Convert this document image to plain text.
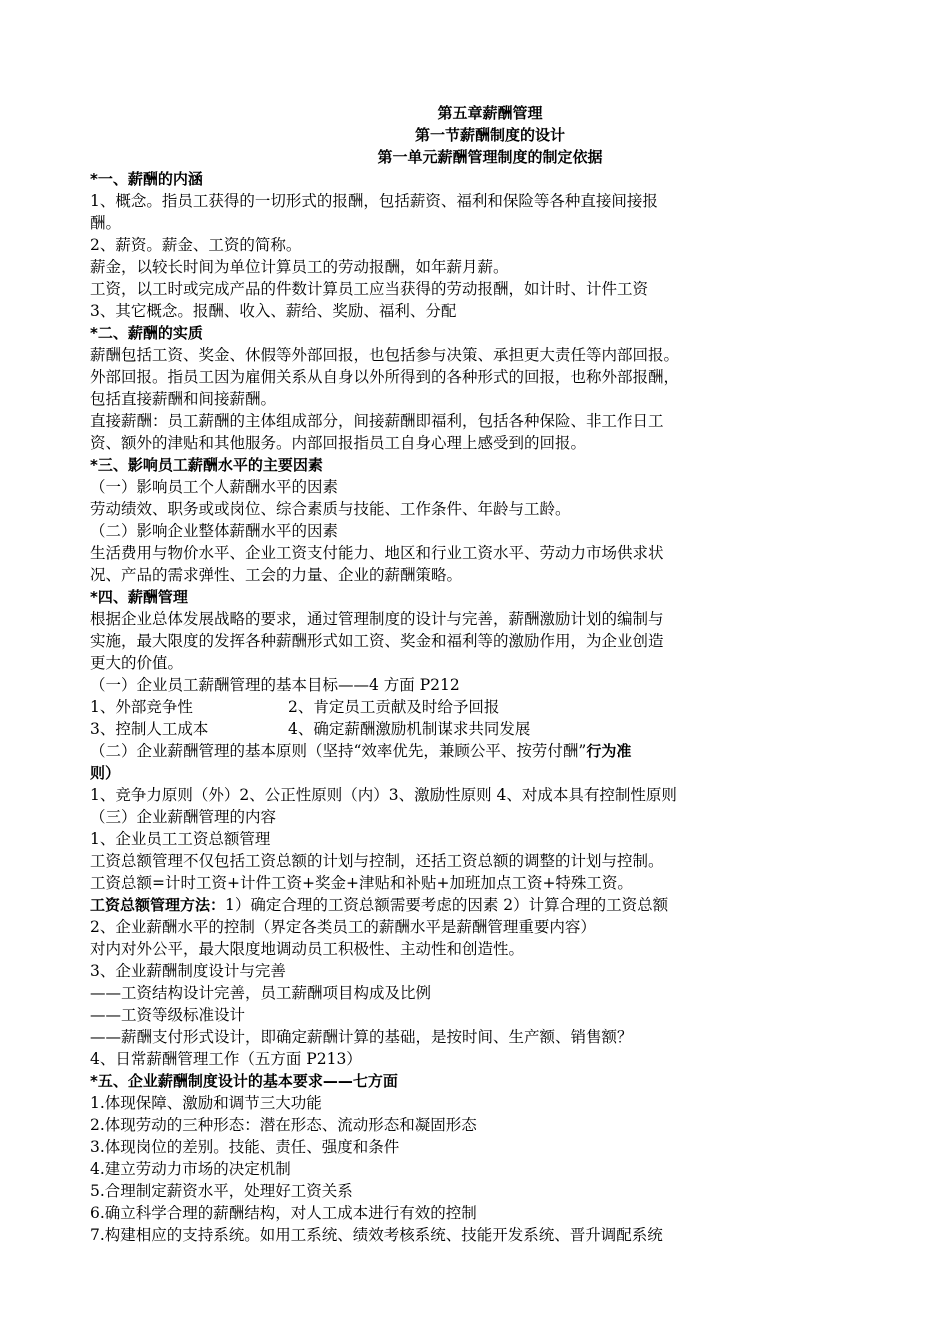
第五章薪酬管理
第一节薪酬制度的设计
第一单元薪酬管理制度的制定依据
*一、薪酬的内涵
1、概念。指员工获得的一切形式的报酬，包括薪资、福利和保险等各种直接间接报
酬。
2、薪资。薪金、工资的简称。
薪金，以较长时间为单位计算员工的劳动报酬，如年薪月薪。
工资，以工时或完成产品的件数计算员工应当获得的劳动报酬，如计时、计件工资
3、其它概念。报酬、收入、薪给、奖励、福利、分配
*二、薪酬的实质
薪酬包括工资、奖金、休假等外部回报，也包括参与决策、承担更大责任等内部回报。
外部回报。指员工因为雇佣关系从自身以外所得到的各种形式的回报，也称外部报酬，
包括直接薪酬和间接薪酬。
直接薪酬：员工薪酬的主体组成部分，间接薪酬即福利，包括各种保险、非工作日工
资、额外的津贴和其他服务。内部回报指员工自身心理上感受到的回报。
*三、影响员工薪酬水平的主要因素
（一）影响员工个人薪酬水平的因素
劳动绩效、职务或或岗位、综合素质与技能、工作条件、年龄与工龄。
（二）影响企业整体薪酬水平的因素
生活费用与物价水平、企业工资支付能力、地区和行业工资水平、劳动力市场供求状
况、产品的需求弹性、工会的力量、企业的薪酬策略。
*四、薪酬管理
根据企业总体发展战略的要求，通过管理制度的设计与完善，薪酬激励计划的编制与
实施，最大限度的发挥各种薪酬形式如工资、奖金和福利等的激励作用，为企业创造
更大的价值。
（一）企业员工薪酬管理的基本目标——4 方面 P212
1、外部竞争性	2、肯定员工贡献及时给予回报
3、控制人工成本	4、确定薪酬激励机制谋求共同发展
（二）企业薪酬管理的基本原则（坚持“效率优先，兼顾公平、按劳付酬”行为准
则）
1、竞争力原则（外）2、公正性原则（内）3、激励性原则 4、对成本具有控制性原则
（三）企业薪酬管理的内容
1、企业员工工资总额管理
工资总额管理不仅包括工资总额的计划与控制，还括工资总额的调整的计划与控制。
工资总额=计时工资+计件工资+奖金+津贴和补贴+加班加点工资+特殊工资。
工资总额管理方法：1）确定合理的工资总额需要考虑的因素 2）计算合理的工资总额
2、企业薪酬水平的控制（界定各类员工的薪酬水平是薪酬管理重要内容）
对内对外公平，最大限度地调动员工积极性、主动性和创造性。
3、企业薪酬制度设计与完善
——工资结构设计完善，员工薪酬项目构成及比例
——工资等级标准设计
——薪酬支付形式设计，即确定薪酬计算的基础，是按时间、生产额、销售额？
4、日常薪酬管理工作（五方面 P213）
*五、企业薪酬制度设计的基本要求——七方面
1.体现保障、激励和调节三大功能
2.体现劳动的三种形态：潜在形态、流动形态和凝固形态
3.体现岗位的差别。技能、责任、强度和条件
4.建立劳动力市场的决定机制
5.合理制定薪资水平，处理好工资关系
6.确立科学合理的薪酬结构，对人工成本进行有效的控制
7.构建相应的支持系统。如用工系统、绩效考核系统、技能开发系统、晋升调配系统
